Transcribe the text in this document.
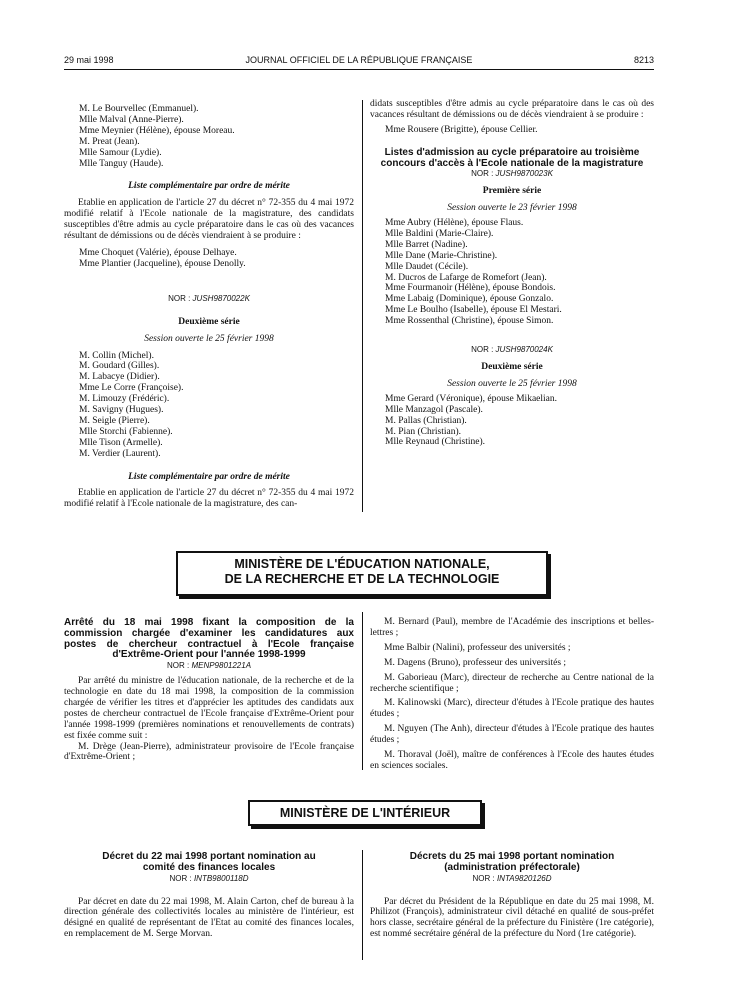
29 mai 1998	JOURNAL OFFICIEL DE LA RÉPUBLIQUE FRANÇAISE	8213

M. Le Bourvellec (Emmanuel).

Mlle Malval (Anne-Pierre).

Mme Meynier (Hélène), épouse Moreau.

M. Preat (Jean).

Mlle Samour (Lydie).

Mlle Tanguy (Haude).

Liste complémentaire par ordre de mérite

Etablie en application de l'article 27 du décret n° 72-355 du 4 mai 1972 modifié relatif à l'Ecole nationale de la magistrature, des candidats susceptibles d'être admis au cycle préparatoire dans le cas où des vacances résultant de démissions ou de décès viendraient à se produire :

Mme Choquet (Valérie), épouse Delhaye.

Mme Plantier (Jacqueline), épouse Denolly.

NOR : JUSH9870022K

Deuxième série

Session ouverte le 25 février 1998

M. Collin (Michel).

M. Goudard (Gilles).

M. Labacye (Didier).

Mme Le Corre (Françoise).

M. Limouzy (Frédéric).

M. Savigny (Hugues).

M. Seigle (Pierre).

Mlle Storchi (Fabienne).

Mlle Tison (Armelle).

M. Verdier (Laurent).

Liste complémentaire par ordre de mérite

Etablie en application de l'article 27 du décret n° 72-355 du 4 mai 1972 modifié relatif à l'Ecole nationale de la magistrature, des can-

didats susceptibles d'être admis au cycle préparatoire dans le cas où des vacances résultant de démissions ou de décès viendraient à se produire :

Mme Rousere (Brigitte), épouse Cellier.

Listes d'admission au cycle préparatoire au troisième concours d'accès à l'Ecole nationale de la magistrature

NOR : JUSH9870023K

Première série

Session ouverte le 23 février 1998

Mme Aubry (Hélène), épouse Flaus.

Mlle Baldini (Marie-Claire).

Mlle Barret (Nadine).

Mlle Dane (Marie-Christine).

Mlle Daudet (Cécile).

M. Ducros de Lafarge de Romefort (Jean).

Mme Fourmanoir (Hélène), épouse Bondois.

Mme Labaig (Dominique), épouse Gonzalo.

Mme Le Boulho (Isabelle), épouse El Mestari.

Mme Rossenthal (Christine), épouse Simon.

NOR : JUSH9870024K

Deuxième série

Session ouverte le 25 février 1998

Mme Gerard (Véronique), épouse Mikaelian.

Mlle Manzagol (Pascale).

M. Pallas (Christian).

M. Pian (Christian).

Mlle Reynaud (Christine).

MINISTÈRE DE L'ÉDUCATION NATIONALE,
DE LA RECHERCHE ET DE LA TECHNOLOGIE

Arrêté du 18 mai 1998 fixant la composition de la commission chargée d'examiner les candidatures aux postes de chercheur contractuel à l'Ecole française d'Extrême-Orient pour l'année 1998-1999

NOR : MENP9801221A

Par arrêté du ministre de l'éducation nationale, de la recherche et de la technologie en date du 18 mai 1998, la composition de la commission chargée de vérifier les titres et d'apprécier les aptitudes des candidats aux postes de chercheur contractuel de l'Ecole française d'Extrême-Orient pour l'année 1998-1999 (premières nominations et renouvellements de contrats) est fixée comme suit :

M. Drège (Jean-Pierre), administrateur provisoire de l'Ecole française d'Extrême-Orient ;

M. Bernard (Paul), membre de l'Académie des inscriptions et belles-lettres ;

Mme Balbir (Nalini), professeur des universités ;

M. Dagens (Bruno), professeur des universités ;

M. Gaborieau (Marc), directeur de recherche au Centre national de la recherche scientifique ;

M. Kalinowski (Marc), directeur d'études à l'Ecole pratique des hautes études ;

M. Nguyen (The Anh), directeur d'études à l'Ecole pratique des hautes études ;

M. Thoraval (Joël), maître de conférences à l'Ecole des hautes études en sciences sociales.

MINISTÈRE DE L'INTÉRIEUR

Décret du 22 mai 1998 portant nomination au comité des finances locales

NOR : INTB9800118D

Par décret en date du 22 mai 1998, M. Alain Carton, chef de bureau à la direction générale des collectivités locales au ministère de l'intérieur, est désigné en qualité de représentant de l'Etat au comité des finances locales, en remplacement de M. Serge Morvan.

Décrets du 25 mai 1998 portant nomination (administration préfectorale)

NOR : INTA9820126D

Par décret du Président de la République en date du 25 mai 1998, M. Philizot (François), administrateur civil détaché en qualité de sous-préfet hors classe, secrétaire général de la préfecture du Finistère (1re catégorie), est nommé secrétaire général de la préfecture du Nord (1re catégorie).
